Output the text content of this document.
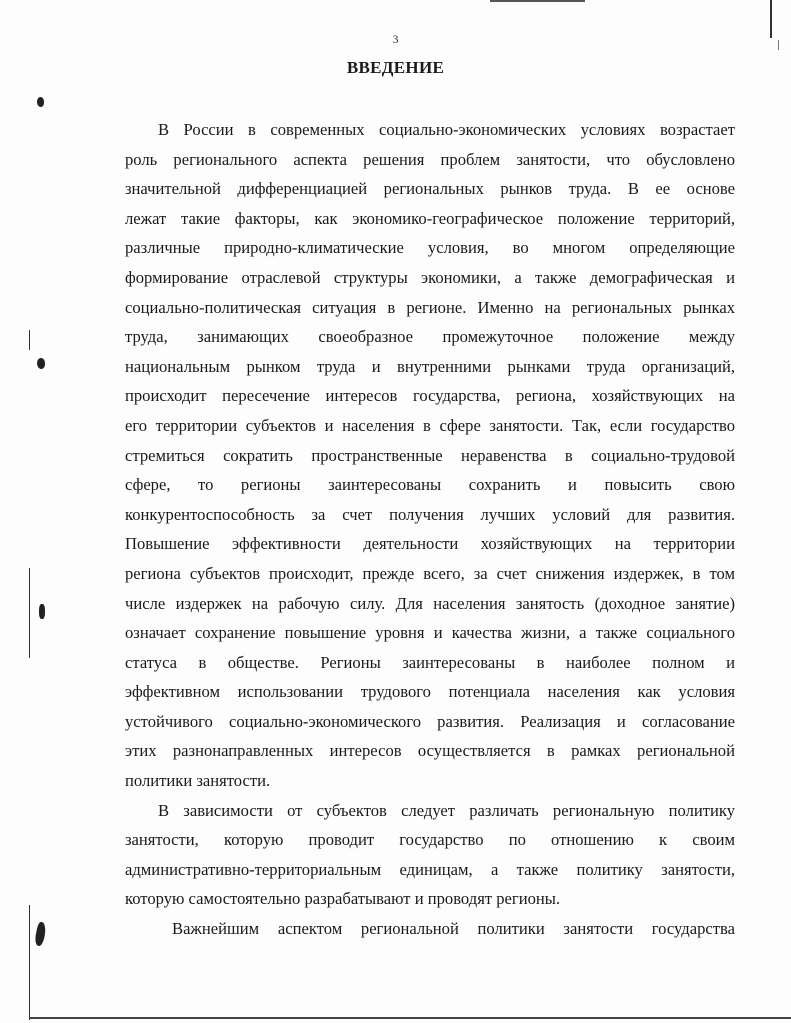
3
ВВЕДЕНИЕ
В России в современных социально-экономических условиях возрастает
роль регионального аспекта решения проблем занятости, что обусловлено
значительной дифференциацией региональных рынков труда. В ее основе
лежат такие факторы, как экономико-географическое положение территорий,
различные природно-климатические условия, во многом определяющие
формирование отраслевой структуры экономики, а также демографическая и
социально-политическая ситуация в регионе. Именно на региональных рынках
труда, занимающих своеобразное промежуточное положение между
национальным рынком труда и внутренними рынками труда организаций,
происходит пересечение интересов государства, региона, хозяйствующих на
его территории субъектов и населения в сфере занятости. Так, если государство
стремиться сократить пространственные неравенства в социально-трудовой
сфере, то регионы заинтересованы сохранить и повысить свою
конкурентоспособность за счет получения лучших условий для развития.
Повышение эффективности деятельности хозяйствующих на территории
региона субъектов происходит, прежде всего, за счет снижения издержек, в том
числе издержек на рабочую силу. Для населения занятость (доходное занятие)
означает сохранение повышение уровня и качества жизни, а также социального
статуса в обществе. Регионы заинтересованы в наиболее полном и
эффективном использовании трудового потенциала населения как условия
устойчивого социально-экономического развития. Реализация и согласование
этих разнонаправленных интересов осуществляется в рамках региональной
политики занятости.
В зависимости от субъектов следует различать региональную политику
занятости, которую проводит государство по отношению к своим
административно-территориальным единицам, а также политику занятости,
которую самостоятельно разрабатывают и проводят регионы.
Важнейшим аспектом региональной политики занятости государства
